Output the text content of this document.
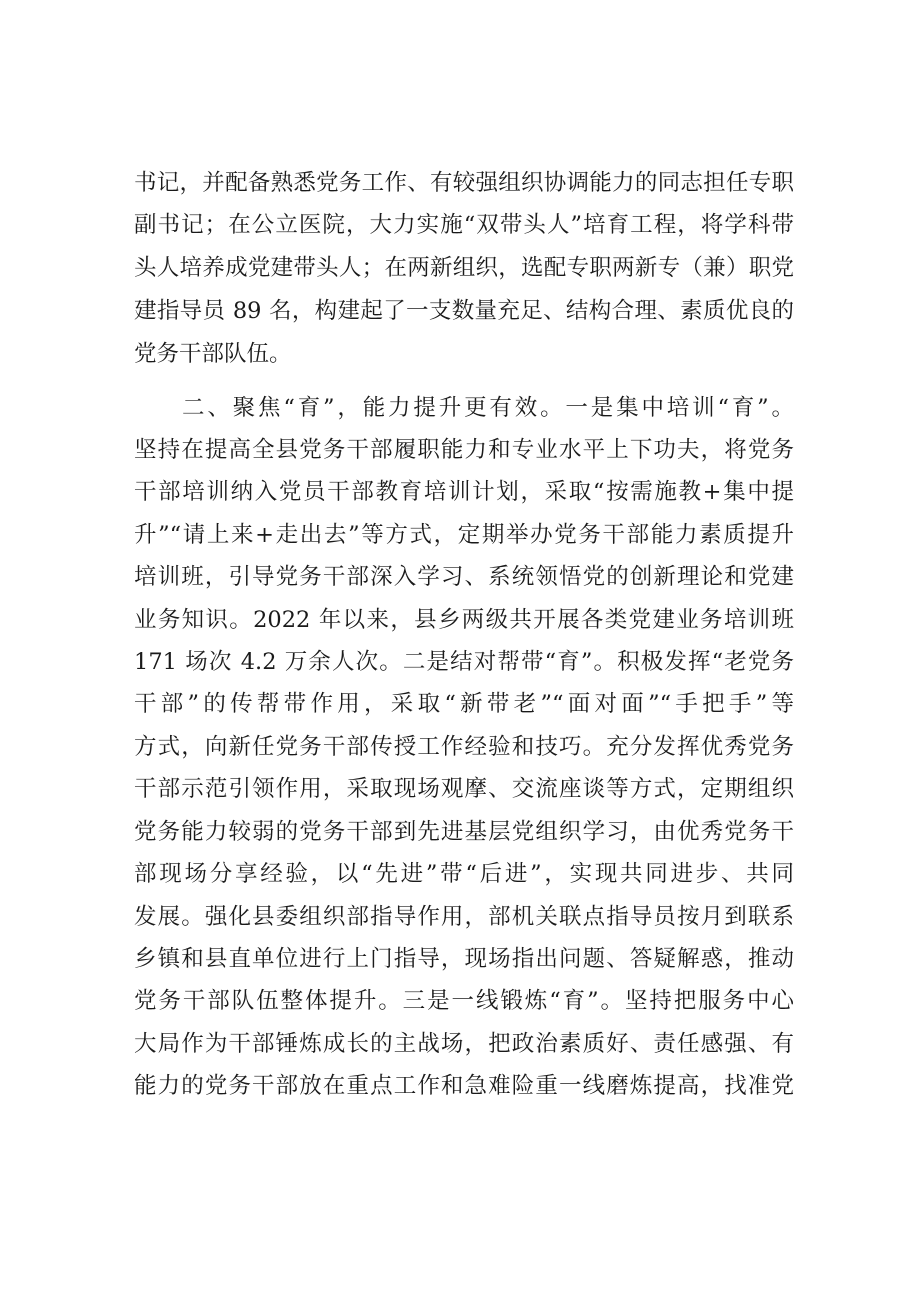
书记，并配备熟悉党务工作、有较强组织协调能力的同志担任专职
副书记；在公立医院，大力实施“双带头人”培育工程，将学科带
头人培养成党建带头人；在两新组织，选配专职两新专（兼）职党
建指导员 89 名，构建起了一支数量充足、结构合理、素质优良的
党务干部队伍。
二、聚焦“育”，能力提升更有效。一是集中培训“育”。
坚持在提高全县党务干部履职能力和专业水平上下功夫，将党务
干部培训纳入党员干部教育培训计划，采取“按需施教+集中提
升”“请上来+走出去”等方式，定期举办党务干部能力素质提升
培训班，引导党务干部深入学习、系统领悟党的创新理论和党建
业务知识。2022 年以来，县乡两级共开展各类党建业务培训班
171 场次 4.2 万余人次。二是结对帮带“育”。积极发挥“老党务
干部”的传帮带作用，采取“新带老”“面对面”“手把手”等
方式，向新任党务干部传授工作经验和技巧。充分发挥优秀党务
干部示范引领作用，采取现场观摩、交流座谈等方式，定期组织
党务能力较弱的党务干部到先进基层党组织学习，由优秀党务干
部现场分享经验，以“先进”带“后进”，实现共同进步、共同
发展。强化县委组织部指导作用，部机关联点指导员按月到联系
乡镇和县直单位进行上门指导，现场指出问题、答疑解惑，推动
党务干部队伍整体提升。三是一线锻炼“育”。坚持把服务中心
大局作为干部锤炼成长的主战场，把政治素质好、责任感强、有
能力的党务干部放在重点工作和急难险重一线磨炼提高，找准党
